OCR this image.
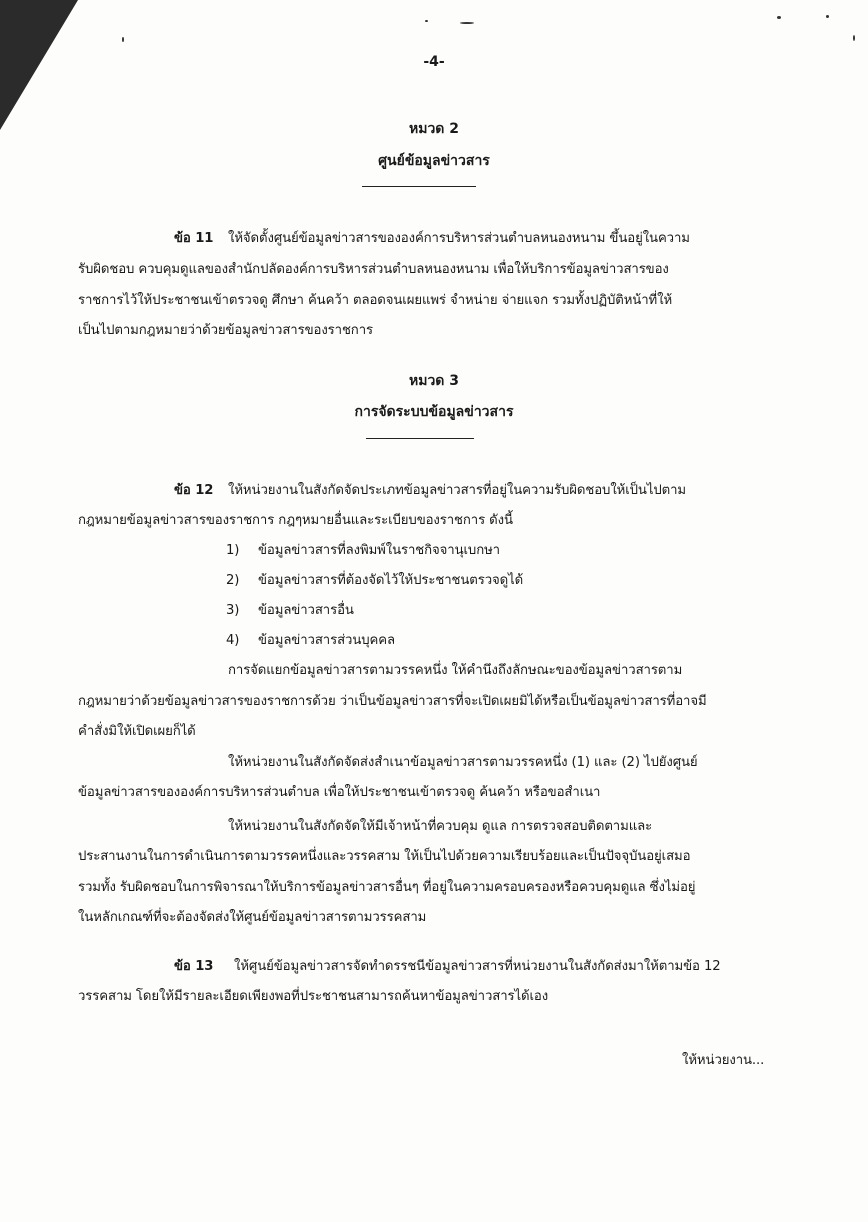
-4-
หมวด 2
ศูนย์ข้อมูลข่าวสาร
ข้อ 11 ให้จัดตั้งศูนย์ข้อมูลข่าวสารขององค์การบริหารส่วนตำบลหนองหนาม ขึ้นอยู่ในความ
รับผิดชอบ ควบคุมดูแลของสำนักปลัดองค์การบริหารส่วนตำบลหนองหนาม เพื่อให้บริการข้อมูลข่าวสารของ
ราชการไว้ให้ประชาชนเข้าตรวจดู ศึกษา ค้นคว้า ตลอดจนเผยแพร่ จำหน่าย จ่ายแจก รวมทั้งปฏิบัติหน้าที่ให้
เป็นไปตามกฎหมายว่าด้วยข้อมูลข่าวสารของราชการ
หมวด 3
การจัดระบบข้อมูลข่าวสาร
ข้อ 12 ให้หน่วยงานในสังกัดจัดประเภทข้อมูลข่าวสารที่อยู่ในความรับผิดชอบให้เป็นไปตาม
กฎหมายข้อมูลข่าวสารของราชการ กฎๆหมายอื่นและระเบียบของราชการ ดังนี้
1) ข้อมูลข่าวสารที่ลงพิมพ์ในราชกิจจานุเบกษา
2) ข้อมูลข่าวสารที่ต้องจัดไว้ให้ประชาชนตรวจดูได้
3) ข้อมูลข่าวสารอื่น
4) ข้อมูลข่าวสารส่วนบุคคล
การจัดแยกข้อมูลข่าวสารตามวรรคหนึ่ง ให้คำนึงถึงลักษณะของข้อมูลข่าวสารตาม
กฎหมายว่าด้วยข้อมูลข่าวสารของราชการด้วย ว่าเป็นข้อมูลข่าวสารที่จะเปิดเผยมิได้หรือเป็นข้อมูลข่าวสารที่อาจมี
คำสั่งมิให้เปิดเผยก็ได้
ให้หน่วยงานในสังกัดจัดส่งสำเนาข้อมูลข่าวสารตามวรรคหนึ่ง (1) และ (2) ไปยังศูนย์
ข้อมูลข่าวสารขององค์การบริหารส่วนตำบล เพื่อให้ประชาชนเข้าตรวจดู ค้นคว้า หรือขอสำเนา
ให้หน่วยงานในสังกัดจัดให้มีเจ้าหน้าที่ควบคุม ดูแล การตรวจสอบติดตามและ
ประสานงานในการดำเนินการตามวรรคหนึ่งและวรรคสาม ให้เป็นไปด้วยความเรียบร้อยและเป็นปัจจุบันอยู่เสมอ
รวมทั้ง รับผิดชอบในการพิจารณาให้บริการข้อมูลข่าวสารอื่นๆ ที่อยู่ในความครอบครองหรือควบคุมดูแล ซึ่งไม่อยู่
ในหลักเกณฑ์ที่จะต้องจัดส่งให้ศูนย์ข้อมูลข่าวสารตามวรรคสาม
ข้อ 13 ให้ศูนย์ข้อมูลข่าวสารจัดทำดรรชนีข้อมูลข่าวสารที่หน่วยงานในสังกัดส่งมาให้ตามข้อ 12
วรรคสาม โดยให้มีรายละเอียดเพียงพอที่ประชาชนสามารถค้นหาข้อมูลข่าวสารได้เอง
ให้หน่วยงาน...
